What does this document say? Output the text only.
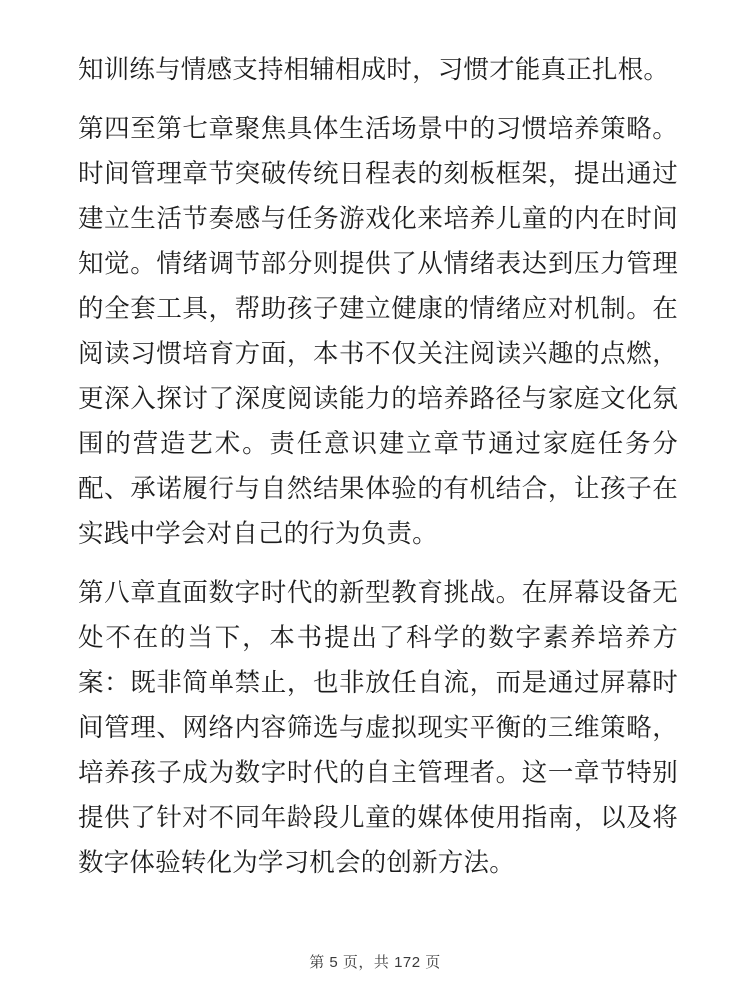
知训练与情感支持相辅相成时，习惯才能真正扎根。

第四至第七章聚焦具体生活场景中的习惯培养策略。时间管理章节突破传统日程表的刻板框架，提出通过建立生活节奏感与任务游戏化来培养儿童的内在时间知觉。情绪调节部分则提供了从情绪表达到压力管理的全套工具，帮助孩子建立健康的情绪应对机制。在阅读习惯培育方面，本书不仅关注阅读兴趣的点燃，更深入探讨了深度阅读能力的培养路径与家庭文化氛围的营造艺术。责任意识建立章节通过家庭任务分配、承诺履行与自然结果体验的有机结合，让孩子在实践中学会对自己的行为负责。

第八章直面数字时代的新型教育挑战。在屏幕设备无处不在的当下，本书提出了科学的数字素养培养方案：既非简单禁止，也非放任自流，而是通过屏幕时间管理、网络内容筛选与虚拟现实平衡的三维策略，培养孩子成为数字时代的自主管理者。这一章节特别提供了针对不同年龄段儿童的媒体使用指南，以及将数字体验转化为学习机会的创新方法。

第 5 页，共 172 页
